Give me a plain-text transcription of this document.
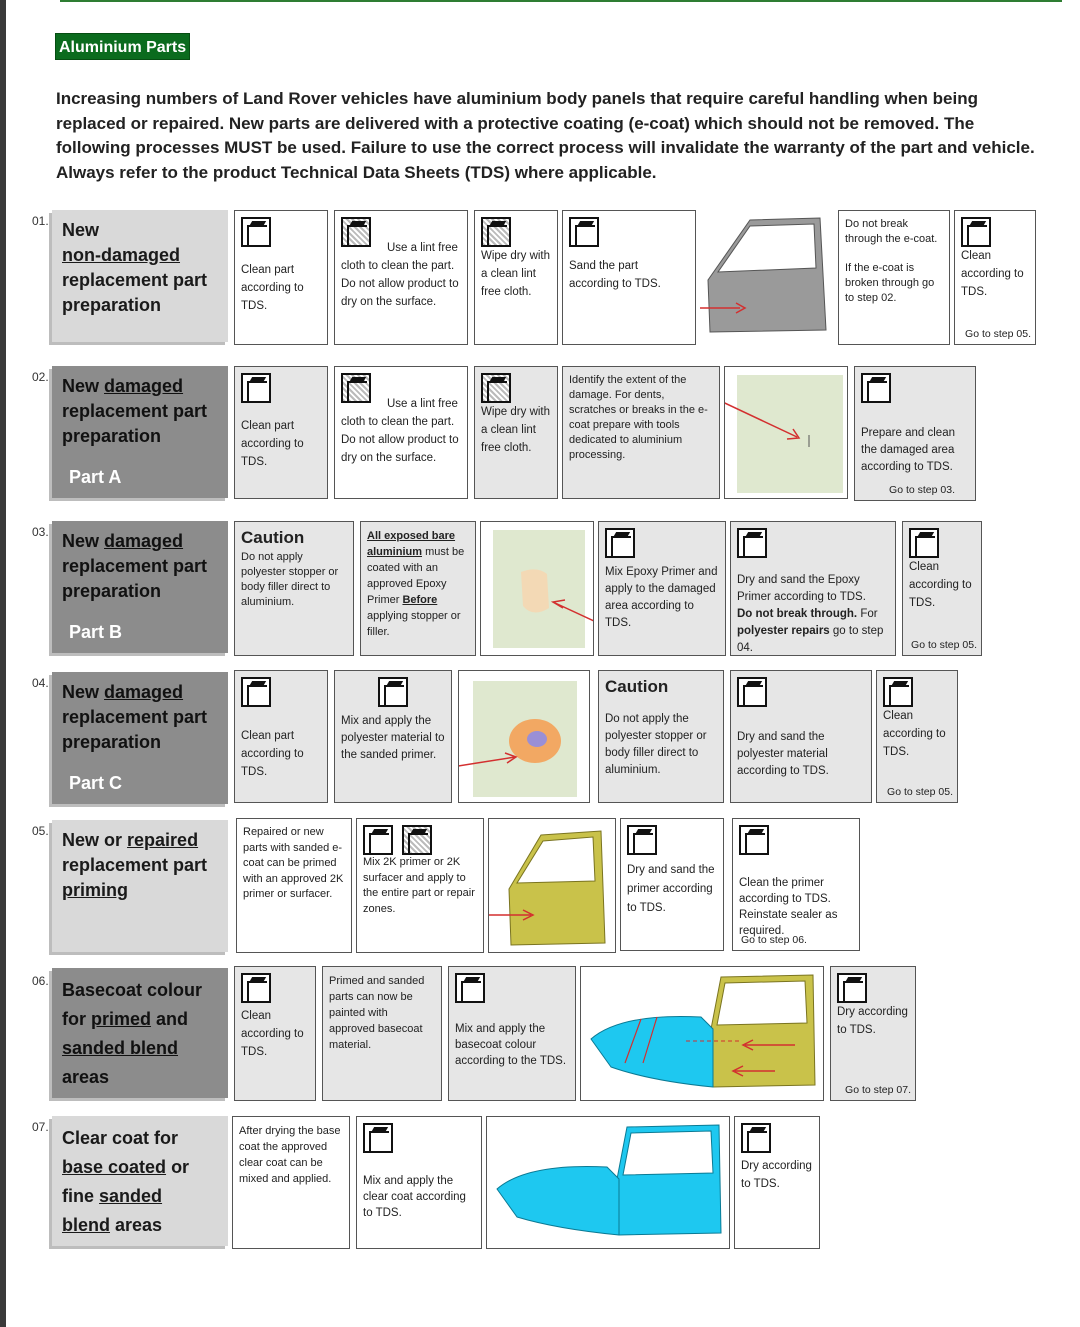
Aluminium Parts
Increasing numbers of Land Rover vehicles have aluminium body panels that require careful handling when being replaced or repaired. New parts are delivered with a protective coating (e-coat) which should not be removed. The following processes MUST be used. Failure to use the correct process will invalidate the warranty of the part and vehicle. Always refer to the product Technical Data Sheets (TDS) where applicable.
01. New
non-damaged
replacement part preparation
Clean part according to TDS.
Use a lint free cloth to clean the part. Do not allow product to dry on the surface.
Wipe dry with a clean lint free cloth.
Sand the part according to TDS.
Do not break through the e-coat.
If the e-coat is broken through go to step 02.
Clean according to TDS.
Go to step 05.
02. New damaged
replacement part preparation
Part A
Clean part according to TDS.
Use a lint free cloth to clean the part. Do not allow product to dry on the surface.
Wipe dry with a clean lint free cloth.
Identify the extent of the damage. For dents, scratches or breaks in the e-coat prepare with tools dedicated to aluminium processing.
Prepare and clean the damaged area according to TDS.
Go to step 03.
03. New damaged
replacement part preparation
Part B
Caution
Do not apply polyester stopper or body filler direct to aluminium.
All exposed bare aluminium must be coated with an approved Epoxy Primer Before applying stopper or filler.
Mix Epoxy Primer and apply to the damaged area according to TDS.
Dry and sand the Epoxy Primer according to TDS. Do not break through. For polyester repairs go to step 04.
Clean according to TDS.
Go to step 05.
04. New damaged
replacement part preparation
Part C
Clean part according to TDS.
Mix and apply the polyester material to the sanded primer.
Caution
Do not apply the polyester stopper or body filler direct to aluminium.
Dry and sand the polyester material according to TDS.
Clean according to TDS.
Go to step 05.
05. New or repaired
replacement part
priming
Repaired or new parts with sanded e-coat can be primed with an approved 2K primer or surfacer.

Mix 2K primer or 2K surfacer and apply to the entire part or repair zones.
Dry and sand the primer according to TDS.
Clean the primer according to TDS. Reinstate sealer as required.
Go to step 06.
06. Basecoat colour for primed and
sanded blend
areas
Clean according to TDS.
Primed and sanded parts can now be painted with approved basecoat material.
Mix and apply the basecoat colour according to the TDS.
Dry according to TDS.
Go to step 07.
07.
Clear coat for
base coated or fine sanded
blend areas
After drying the base coat the approved clear coat can be mixed and applied.	Mix and apply the clear coat according to TDS.
Dry according to TDS.
